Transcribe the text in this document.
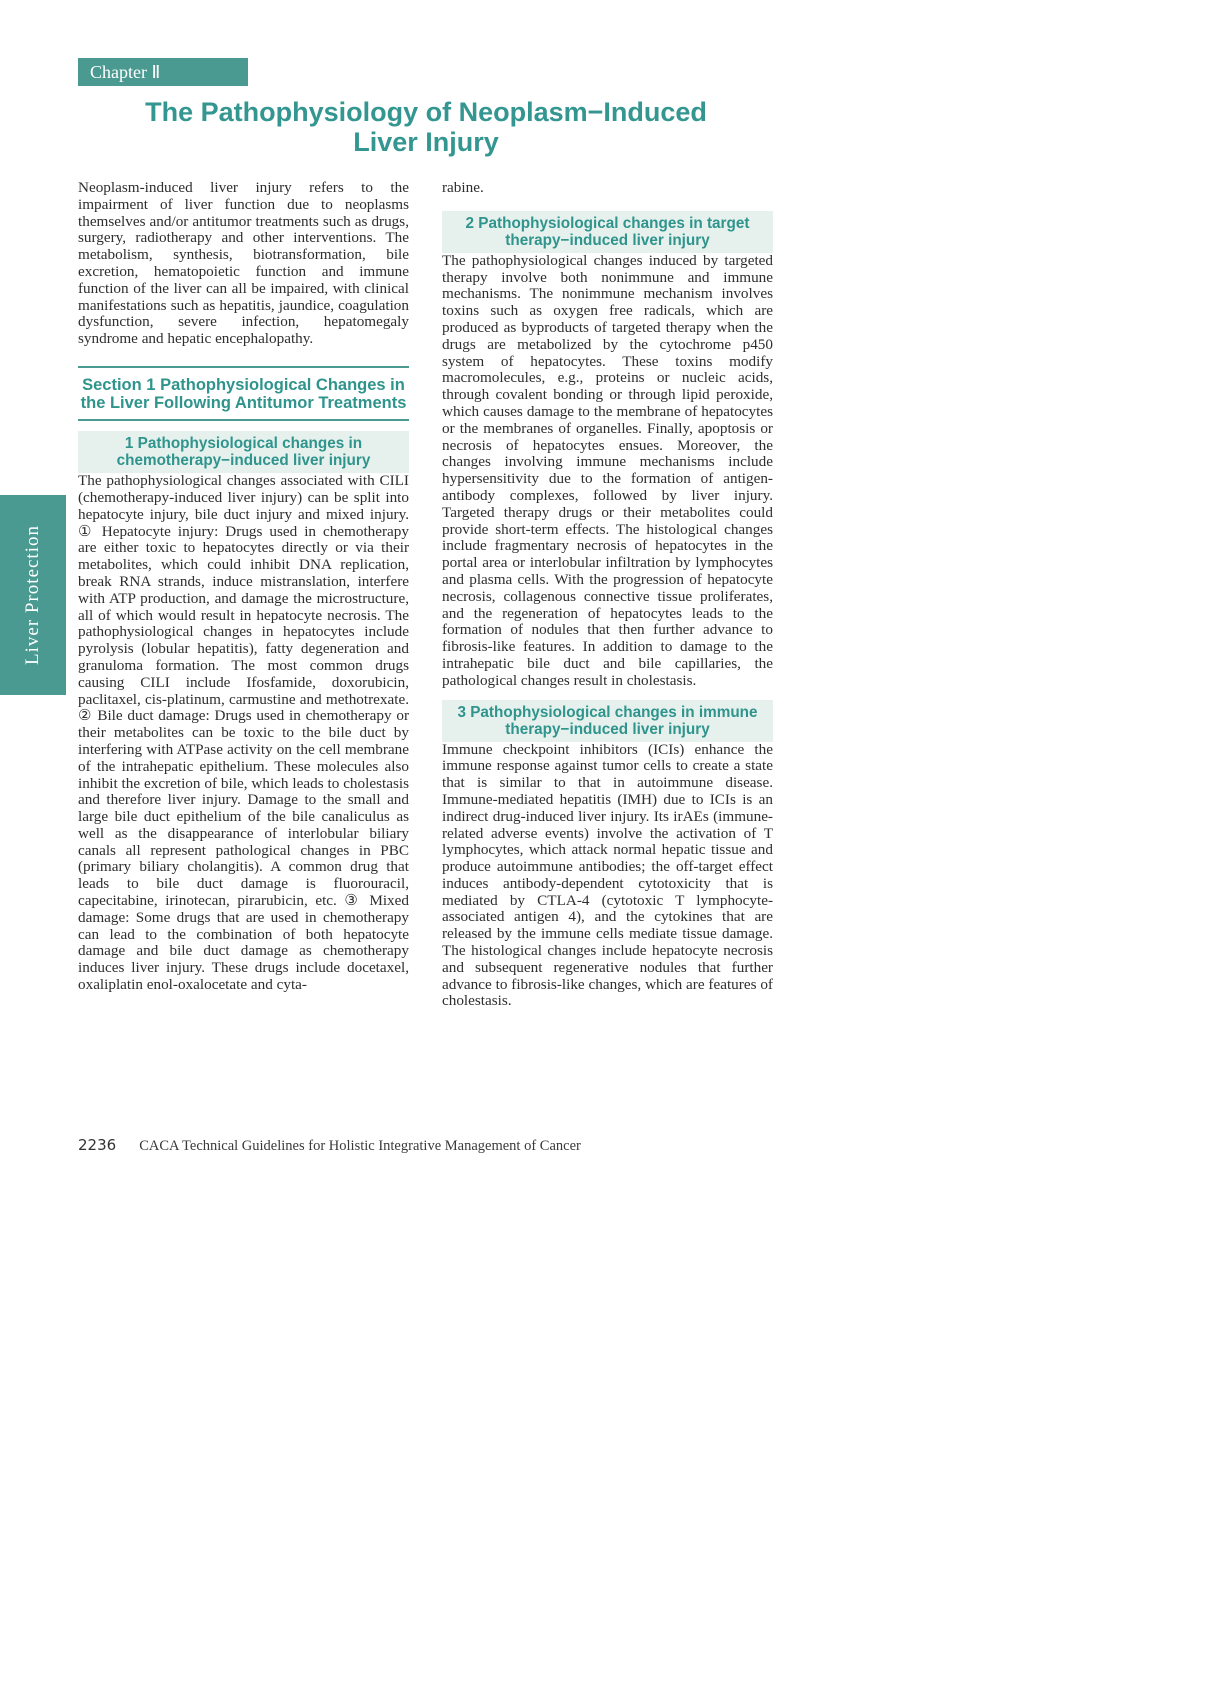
Liver Protection
Chapter Ⅱ
The Pathophysiology of Neoplasm−Induced
Liver Injury

Neoplasm-induced liver injury refers to the impairment of liver function due to neoplasms themselves and/or antitumor treatments such as drugs, surgery, radiotherapy and other interventions. The metabolism, synthesis, biotransformation, bile excretion, hematopoietic function and immune function of the liver can all be impaired, with clinical manifestations such as hepatitis, jaundice, coagulation dysfunction, severe infection, hepatomegaly syndrome and hepatic encephalopathy.

Section 1 Pathophysiological Changes in the Liver Following Antitumor Treatments
1 Pathophysiological changes in chemotherapy−induced liver injury

The pathophysiological changes associated with CILI (chemotherapy-induced liver injury) can be split into hepatocyte injury, bile duct injury and mixed injury. ① Hepatocyte injury: Drugs used in chemotherapy are either toxic to hepatocytes directly or via their metabolites, which could inhibit DNA replication, break RNA strands, induce mistranslation, interfere with ATP production, and damage the microstructure, all of which would result in hepatocyte necrosis. The pathophysiological changes in hepatocytes include pyrolysis (lobular hepatitis), fatty degeneration and granuloma formation. The most common drugs causing CILI include Ifosfamide, doxorubicin, paclitaxel, cis-platinum, carmustine and methotrexate. ② Bile duct damage: Drugs used in chemotherapy or their metabolites can be toxic to the bile duct by interfering with ATPase activity on the cell membrane of the intrahepatic epithelium. These molecules also inhibit the excretion of bile, which leads to cholestasis and therefore liver injury. Damage to the small and large bile duct epithelium of the bile canaliculus as well as the disappearance of interlobular biliary canals all represent pathological changes in PBC (primary biliary cholangitis). A common drug that leads to bile duct damage is fluorouracil, capecitabine, irinotecan, pirarubicin, etc. ③ Mixed damage: Some drugs that are used in chemotherapy can lead to the combination of both hepatocyte damage and bile duct damage as chemotherapy induces liver injury. These drugs include docetaxel, oxaliplatin enol-oxalocetate and cyta-

rabine.

2 Pathophysiological changes in target therapy−induced liver injury

The pathophysiological changes induced by targeted therapy involve both nonimmune and immune mechanisms. The nonimmune mechanism involves toxins such as oxygen free radicals, which are produced as byproducts of targeted therapy when the drugs are metabolized by the cytochrome p450 system of hepatocytes. These toxins modify macromolecules, e.g., proteins or nucleic acids, through covalent bonding or through lipid peroxide, which causes damage to the membrane of hepatocytes or the membranes of organelles. Finally, apoptosis or necrosis of hepatocytes ensues. Moreover, the changes involving immune mechanisms include hypersensitivity due to the formation of antigen-antibody complexes, followed by liver injury. Targeted therapy drugs or their metabolites could provide short-term effects. The histological changes include fragmentary necrosis of hepatocytes in the portal area or interlobular infiltration by lymphocytes and plasma cells. With the progression of hepatocyte necrosis, collagenous connective tissue proliferates, and the regeneration of hepatocytes leads to the formation of nodules that then further advance to fibrosis-like features. In addition to damage to the intrahepatic bile duct and bile capillaries, the pathological changes result in cholestasis.

3 Pathophysiological changes in immune therapy−induced liver injury

Immune checkpoint inhibitors (ICIs) enhance the immune response against tumor cells to create a state that is similar to that in autoimmune disease. Immune-mediated hepatitis (IMH) due to ICIs is an indirect drug-induced liver injury. Its irAEs (immune-related adverse events) involve the activation of T lymphocytes, which attack normal hepatic tissue and produce autoimmune antibodies; the off-target effect induces antibody-dependent cytotoxicity that is mediated by CTLA-4 (cytotoxic T lymphocyte-associated antigen 4), and the cytokines that are released by the immune cells mediate tissue damage. The histological changes include hepatocyte necrosis and subsequent regenerative nodules that further advance to fibrosis-like changes, which are features of cholestasis.

2236 CACA Technical Guidelines for Holistic Integrative Management of Cancer
